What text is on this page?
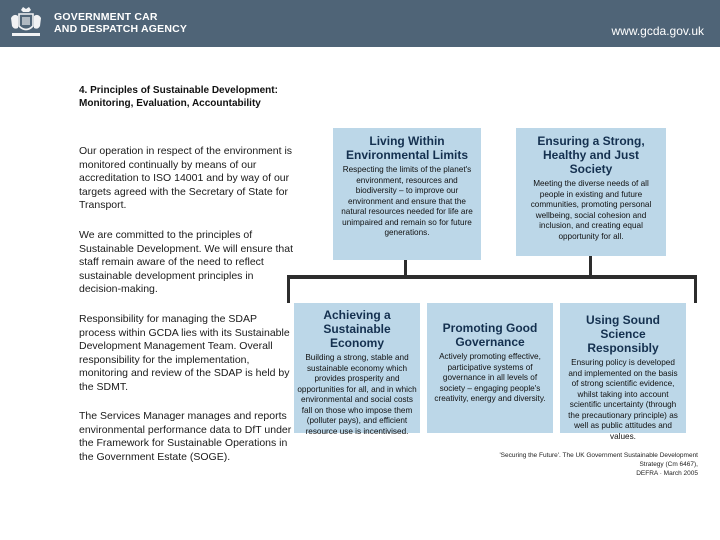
GOVERNMENT CAR
AND DESPATCH AGENCY	www.gcda.gov.uk
4. Principles of Sustainable Development: Monitoring, Evaluation, Accountability
Our operation in respect of the environment is monitored continually by means of our accreditation to ISO 14001 and by way of our targets agreed with the Secretary of State for Transport.
We are committed to the principles of Sustainable Development. We will ensure that staff remain aware of the need to reflect sustainable development principles in decision-making.
Responsibility for managing the SDAP process within GCDA lies with its Sustainable Development Management Team. Overall responsibility for the implementation, monitoring and review of the SDAP is held by the SDMT.
The Services Manager manages and reports environmental performance data to DfT under the Framework for Sustainable Operations in the Government Estate (SOGE).
Living Within Environmental Limits
Respecting the limits of the planet's environment, resources and biodiversity – to improve our environment and ensure that the natural resources needed for life are unimpaired and remain so for future generations.
Ensuring a Strong, Healthy and Just Society
Meeting the diverse needs of all people in existing and future communities, promoting personal wellbeing, social cohesion and inclusion, and creating equal opportunity for all.
Achieving a Sustainable Economy
Building a strong, stable and sustainable economy which provides prosperity and opportunities for all, and in which environmental and social costs fall on those who impose them (polluter pays), and efficient resource use is incentivised.
Promoting Good Governance
Actively promoting effective, participative systems of governance in all levels of society – engaging people's creativity, energy and diversity.
Using Sound Science Responsibly
Ensuring policy is developed and implemented on the basis of strong scientific evidence, whilst taking into account scientific uncertainty (through the precautionary principle) as well as public attitudes and values.
'Securing the Future'. The UK Government Sustainable Development Strategy (Cm 6467),
DEFRA · March 2005
